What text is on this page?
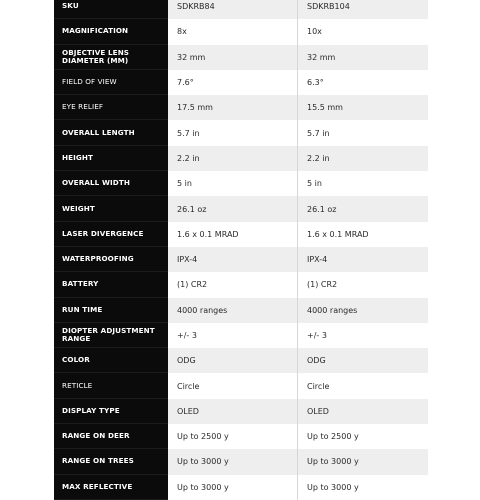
SKU	SDKRB84	SDKRB104
MAGNIFICATION	8x	10x
OBJECTIVE LENS DIAMETER (MM)	32 mm	32 mm
FIELD OF VIEW	7.6°	6.3°
EYE RELIEF	17.5 mm	15.5 mm
OVERALL LENGTH	5.7 in	5.7 in
HEIGHT	2.2 in	2.2 in
OVERALL WIDTH	5 in	5 in
WEIGHT	26.1 oz	26.1 oz
LASER DIVERGENCE	1.6 x 0.1 MRAD	1.6 x 0.1 MRAD
WATERPROOFING	IPX-4	IPX-4
BATTERY	(1) CR2	(1) CR2
RUN TIME	4000 ranges	4000 ranges
DIOPTER ADJUSTMENT RANGE	+/- 3	+/- 3
COLOR	ODG	ODG
RETICLE	Circle	Circle
DISPLAY TYPE	OLED	OLED
RANGE ON DEER	Up to 2500 y	Up to 2500 y
RANGE ON TREES	Up to 3000 y	Up to 3000 y
MAX REFLECTIVE	Up to 3000 y	Up to 3000 y
